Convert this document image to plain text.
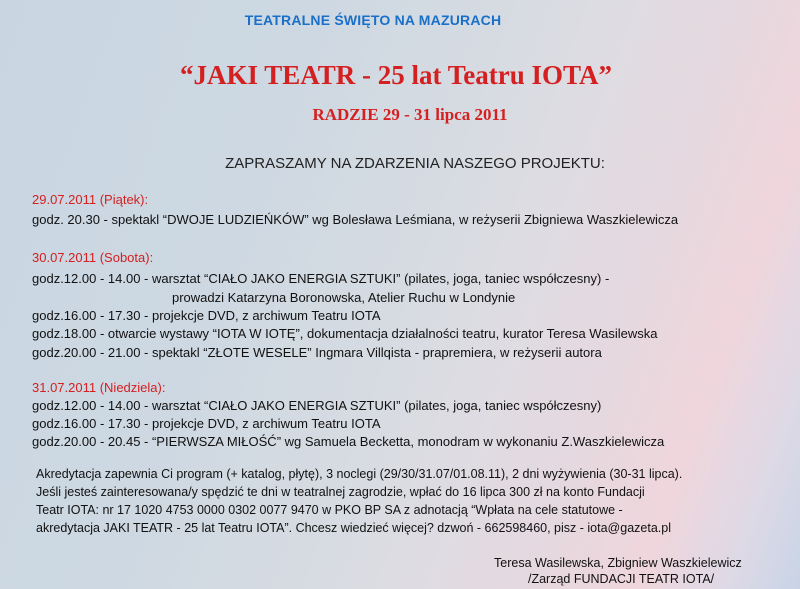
TEATRALNE ŚWIĘTO NA MAZURACH
“JAKI TEATR - 25 lat Teatru IOTA”
RADZIE 29 - 31 lipca 2011
ZAPRASZAMY NA ZDARZENIA NASZEGO PROJEKTU:
29.07.2011 (Piątek):
godz. 20.30 - spektakl “DWOJE LUDZIEŃKÓW” wg Bolesława Leśmiana, w reżyserii Zbigniewa Waszkielewicza
30.07.2011 (Sobota):
godz.12.00 - 14.00 - warsztat “CIAŁO JAKO ENERGIA SZTUKI” (pilates, joga, taniec współczesny) -
prowadzi Katarzyna Boronowska, Atelier Ruchu w Londynie
godz.16.00 - 17.30 - projekcje DVD, z archiwum Teatru IOTA
godz.18.00 - otwarcie wystawy “IOTA W IOTĘ”, dokumentacja działalności teatru, kurator Teresa Wasilewska
godz.20.00 - 21.00 - spektakl “ZŁOTE WESELE” Ingmara Villqista - prapremiera, w reżyserii autora
31.07.2011 (Niedziela):
godz.12.00 - 14.00 - warsztat “CIAŁO JAKO ENERGIA SZTUKI” (pilates, joga, taniec współczesny)
godz.16.00 - 17.30 - projekcje DVD, z archiwum Teatru IOTA
godz.20.00 - 20.45 - “PIERWSZA MIŁOŚĆ” wg Samuela Becketta, monodram w wykonaniu Z.Waszkielewicza
Akredytacja zapewnia Ci program (+ katalog, płytę), 3 noclegi (29/30/31.07/01.08.11), 2 dni wyżywienia (30-31 lipca).
Jeśli jesteś zainteresowana/y spędzić te dni w teatralnej zagrodzie, wpłać do 16 lipca 300 zł na konto Fundacji
Teatr IOTA: nr 17 1020 4753 0000 0302 0077 9470 w PKO BP SA z adnotacją “Wpłata na cele statutowe -
akredytacja JAKI TEATR - 25 lat Teatru IOTA”. Chcesz wiedzieć więcej? dzwoń - 662598460, pisz - iota@gazeta.pl
Teresa Wasilewska, Zbigniew Waszkielewicz
/Zarząd FUNDACJI TEATR IOTA/
